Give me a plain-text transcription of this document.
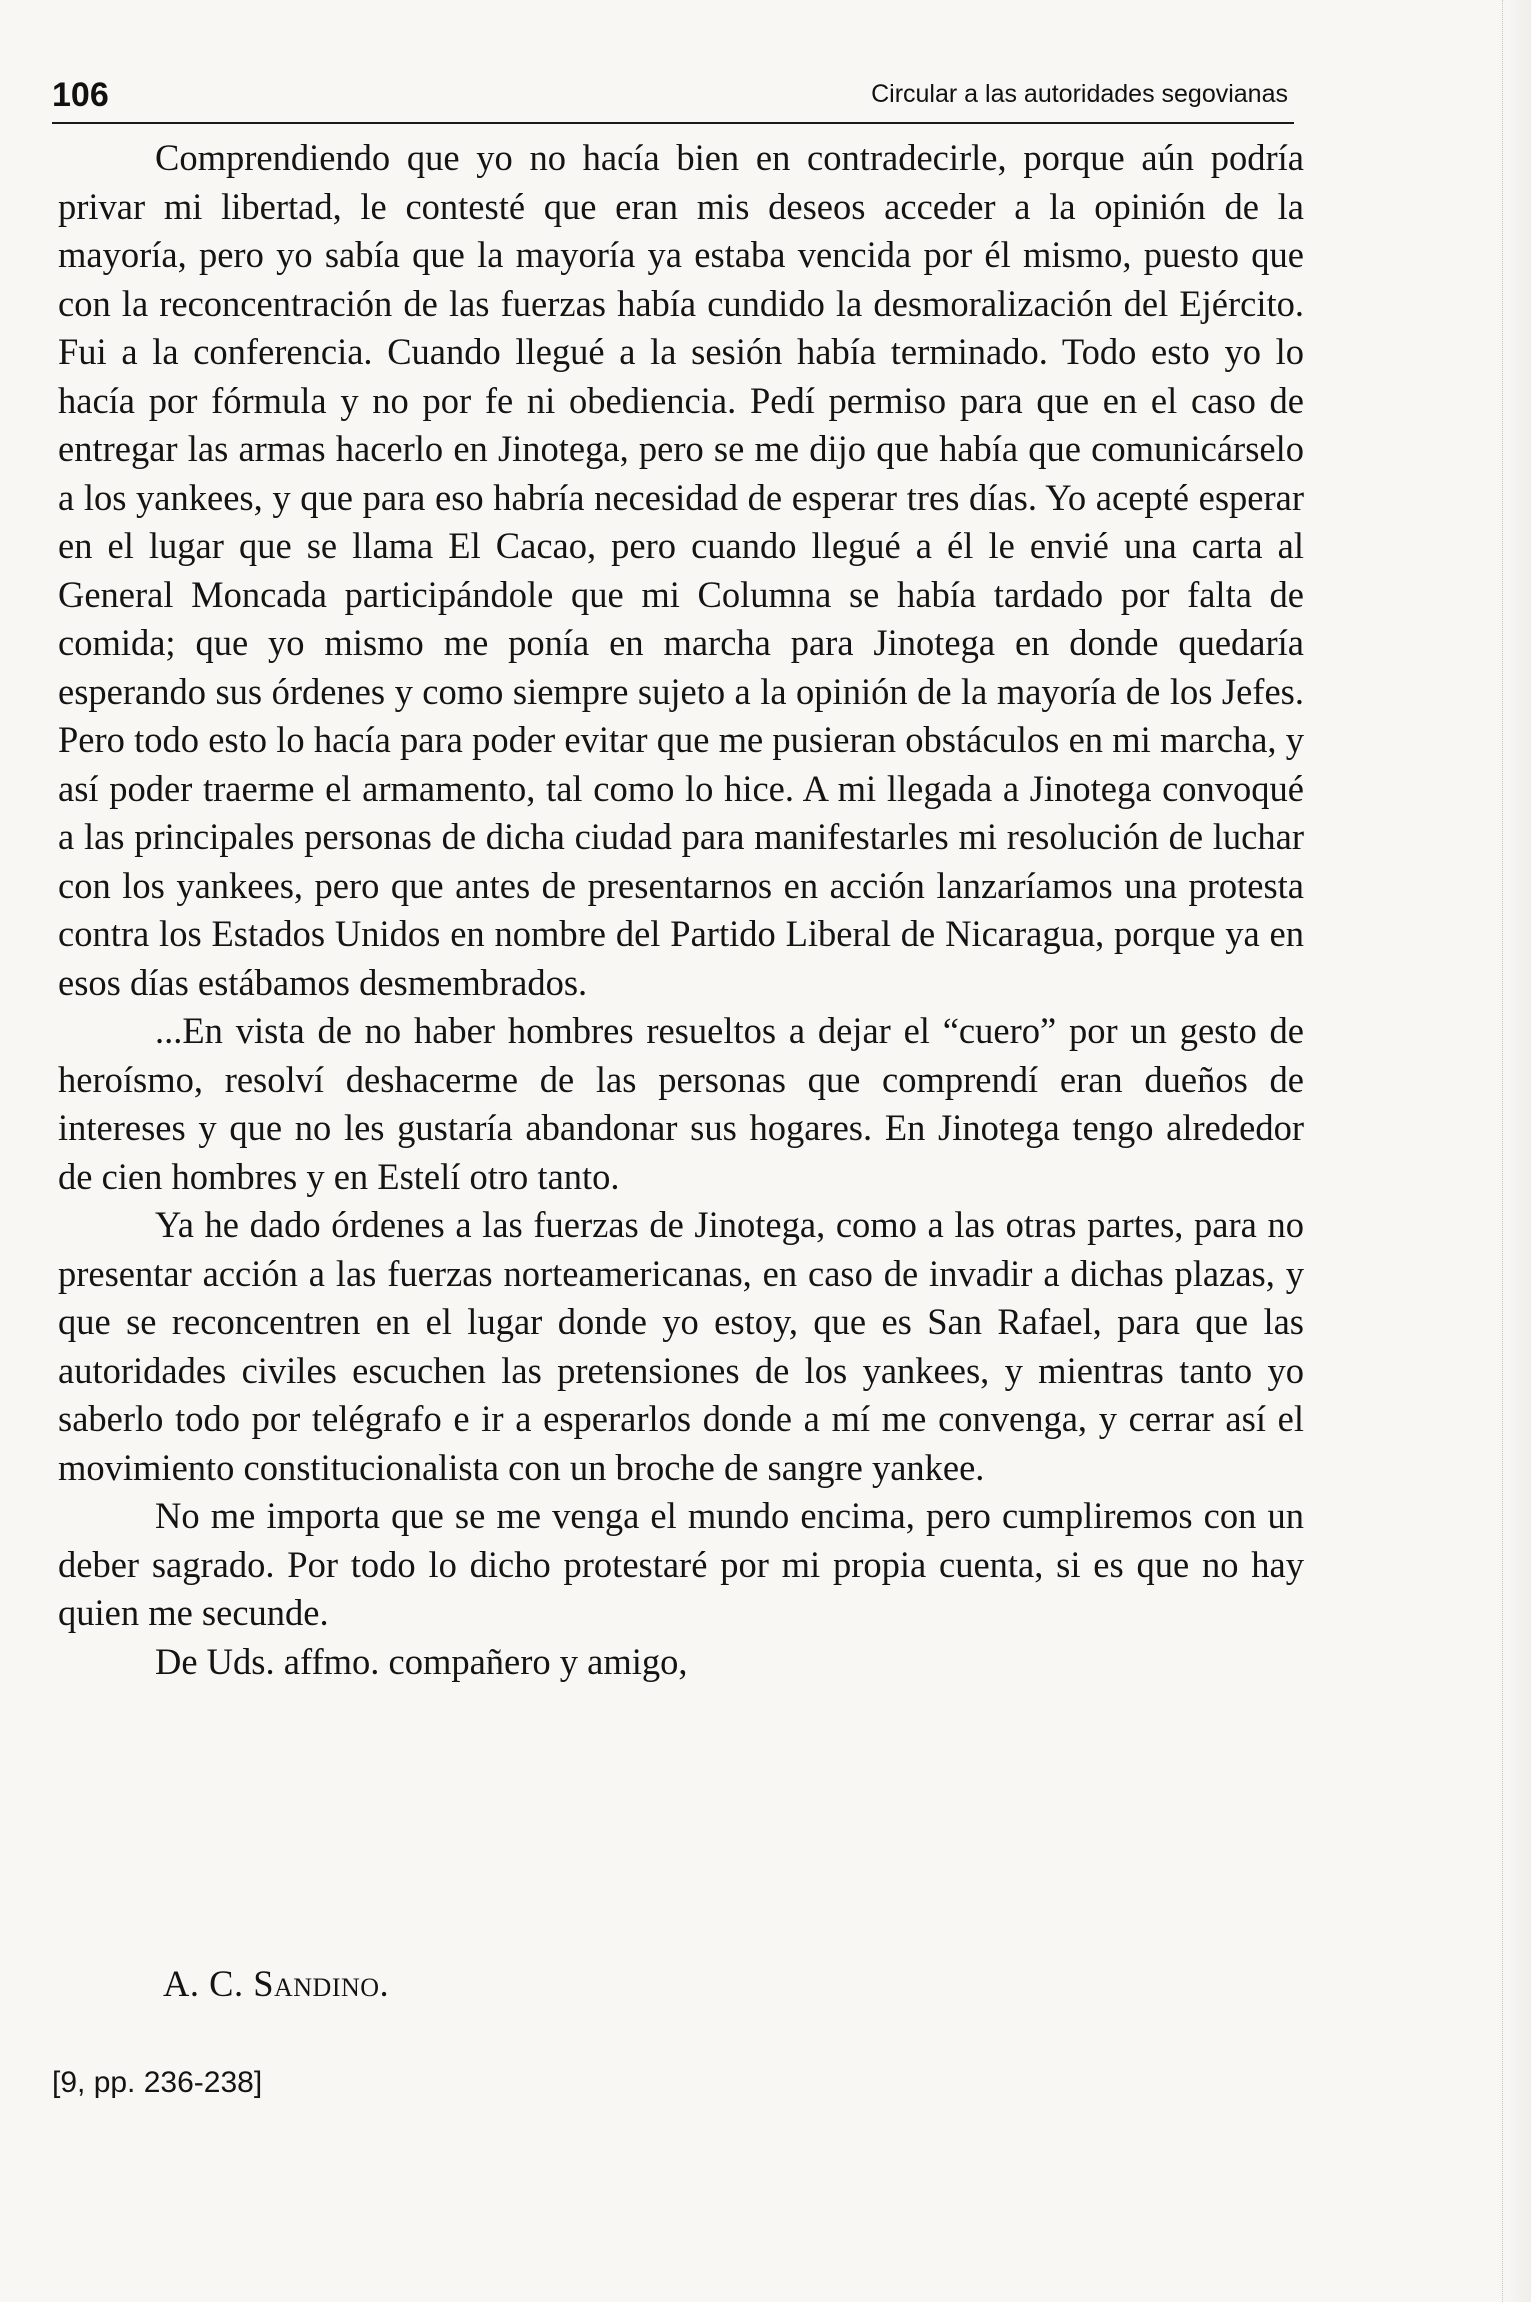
106	Circular a las autoridades segovianas

Comprendiendo que yo no hacía bien en contradecirle, porque aún podría privar mi libertad, le contesté que eran mis deseos acceder a la opinión de la mayoría, pero yo sabía que la mayoría ya estaba vencida por él mismo, puesto que con la reconcentración de las fuerzas había cundido la desmoralización del Ejército. Fui a la conferencia. Cuando llegué a la sesión había terminado. Todo esto yo lo hacía por fórmula y no por fe ni obediencia. Pedí permiso para que en el caso de entregar las armas hacerlo en Jinotega, pero se me dijo que había que comunicárselo a los yankees, y que para eso habría necesidad de esperar tres días. Yo acepté esperar en el lugar que se llama El Cacao, pero cuando llegué a él le envié una carta al General Moncada participándole que mi Columna se había tardado por falta de comida; que yo mismo me ponía en marcha para Jinotega en donde quedaría esperando sus órdenes y como siempre sujeto a la opinión de la mayoría de los Jefes. Pero todo esto lo hacía para poder evitar que me pusieran obstáculos en mi marcha, y así poder traerme el armamento, tal como lo hice. A mi llegada a Jinotega convoqué a las principales personas de dicha ciudad para manifestarles mi resolución de luchar con los yankees, pero que antes de presentarnos en acción lanzaríamos una protesta contra los Estados Unidos en nombre del Partido Liberal de Nicaragua, porque ya en esos días estábamos desmembrados.

...En vista de no haber hombres resueltos a dejar el “cuero” por un gesto de heroísmo, resolví deshacerme de las personas que comprendí eran dueños de intereses y que no les gustaría abandonar sus hogares. En Jinotega tengo alrededor de cien hombres y en Estelí otro tanto.

Ya he dado órdenes a las fuerzas de Jinotega, como a las otras partes, para no presentar acción a las fuerzas norteamericanas, en caso de invadir a dichas plazas, y que se reconcentren en el lugar donde yo estoy, que es San Rafael, para que las autoridades civiles escuchen las pretensiones de los yankees, y mientras tanto yo saberlo todo por telégrafo e ir a esperarlos donde a mí me convenga, y cerrar así el movimiento constitucionalista con un broche de sangre yankee.

No me importa que se me venga el mundo encima, pero cumpliremos con un deber sagrado. Por todo lo dicho protestaré por mi propia cuenta, si es que no hay quien me secunde.

De Uds. affmo. compañero y amigo,

A. C. Sandino.
[9, pp. 236-238]
